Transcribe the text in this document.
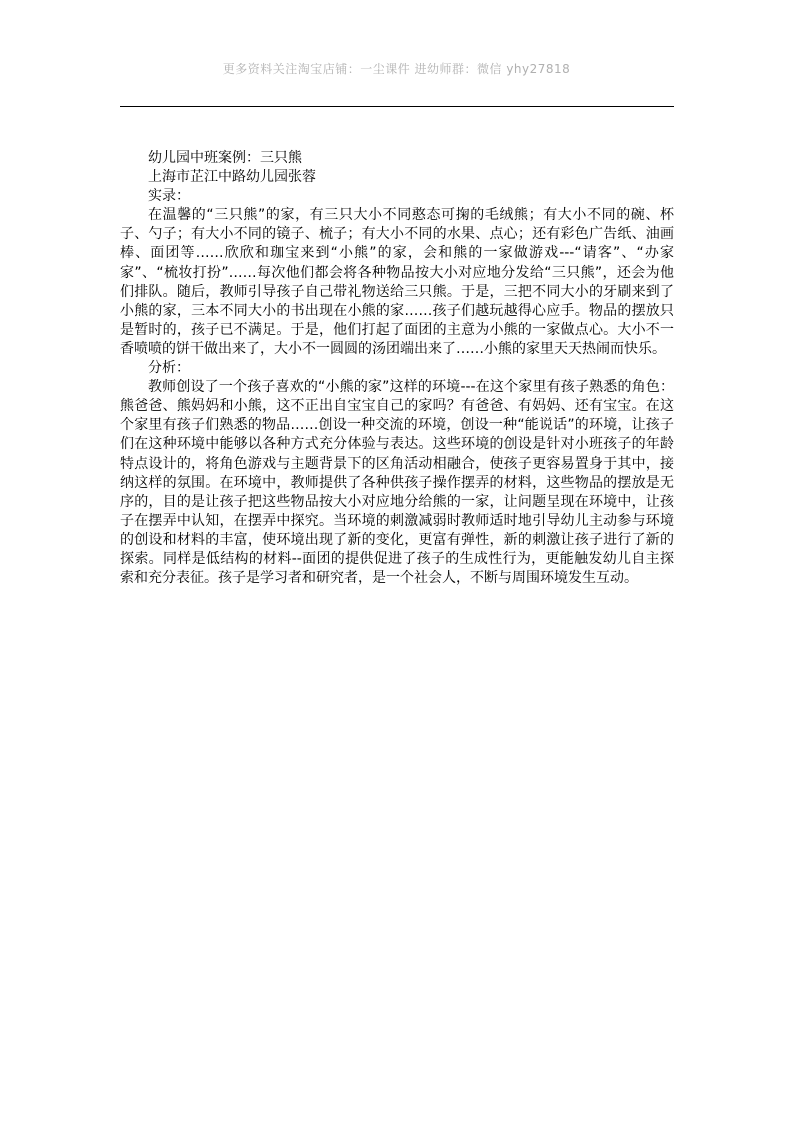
更多资料关注淘宝店铺：一尘课件 进幼师群：微信 yhy27818

幼儿园中班案例：三只熊

上海市芷江中路幼儿园张蓉

实录：

在温馨的“三只熊”的家，有三只大小不同憨态可掬的毛绒熊；有大小不同的碗、杯子、勺子；有大小不同的镜子、梳子；有大小不同的水果、点心；还有彩色广告纸、油画棒、面团等……欣欣和珈宝来到“小熊”的家，会和熊的一家做游戏---“请客”、“办家家”、“梳妆打扮”……每次他们都会将各种物品按大小对应地分发给“三只熊”，还会为他们排队。随后，教师引导孩子自己带礼物送给三只熊。于是，三把不同大小的牙刷来到了小熊的家，三本不同大小的书出现在小熊的家……孩子们越玩越得心应手。物品的摆放只是暂时的，孩子已不满足。于是，他们打起了面团的主意为小熊的一家做点心。大小不一香喷喷的饼干做出来了，大小不一圆圆的汤团端出来了……小熊的家里天天热闹而快乐。

分析：

教师创设了一个孩子喜欢的“小熊的家”这样的环境---在这个家里有孩子熟悉的角色：熊爸爸、熊妈妈和小熊，这不正出自宝宝自己的家吗？有爸爸、有妈妈、还有宝宝。在这个家里有孩子们熟悉的物品……创设一种交流的环境，创设一种“能说话”的环境，让孩子们在这种环境中能够以各种方式充分体验与表达。这些环境的创设是针对小班孩子的年龄特点设计的，将角色游戏与主题背景下的区角活动相融合，使孩子更容易置身于其中，接纳这样的氛围。在环境中，教师提供了各种供孩子操作摆弄的材料，这些物品的摆放是无序的，目的是让孩子把这些物品按大小对应地分给熊的一家，让问题呈现在环境中，让孩子在摆弄中认知，在摆弄中探究。当环境的刺激减弱时教师适时地引导幼儿主动参与环境的创设和材料的丰富，使环境出现了新的变化，更富有弹性，新的刺激让孩子进行了新的探索。同样是低结构的材料--面团的提供促进了孩子的生成性行为，更能触发幼儿自主探索和充分表征。孩子是学习者和研究者，是一个社会人，不断与周围环境发生互动。
